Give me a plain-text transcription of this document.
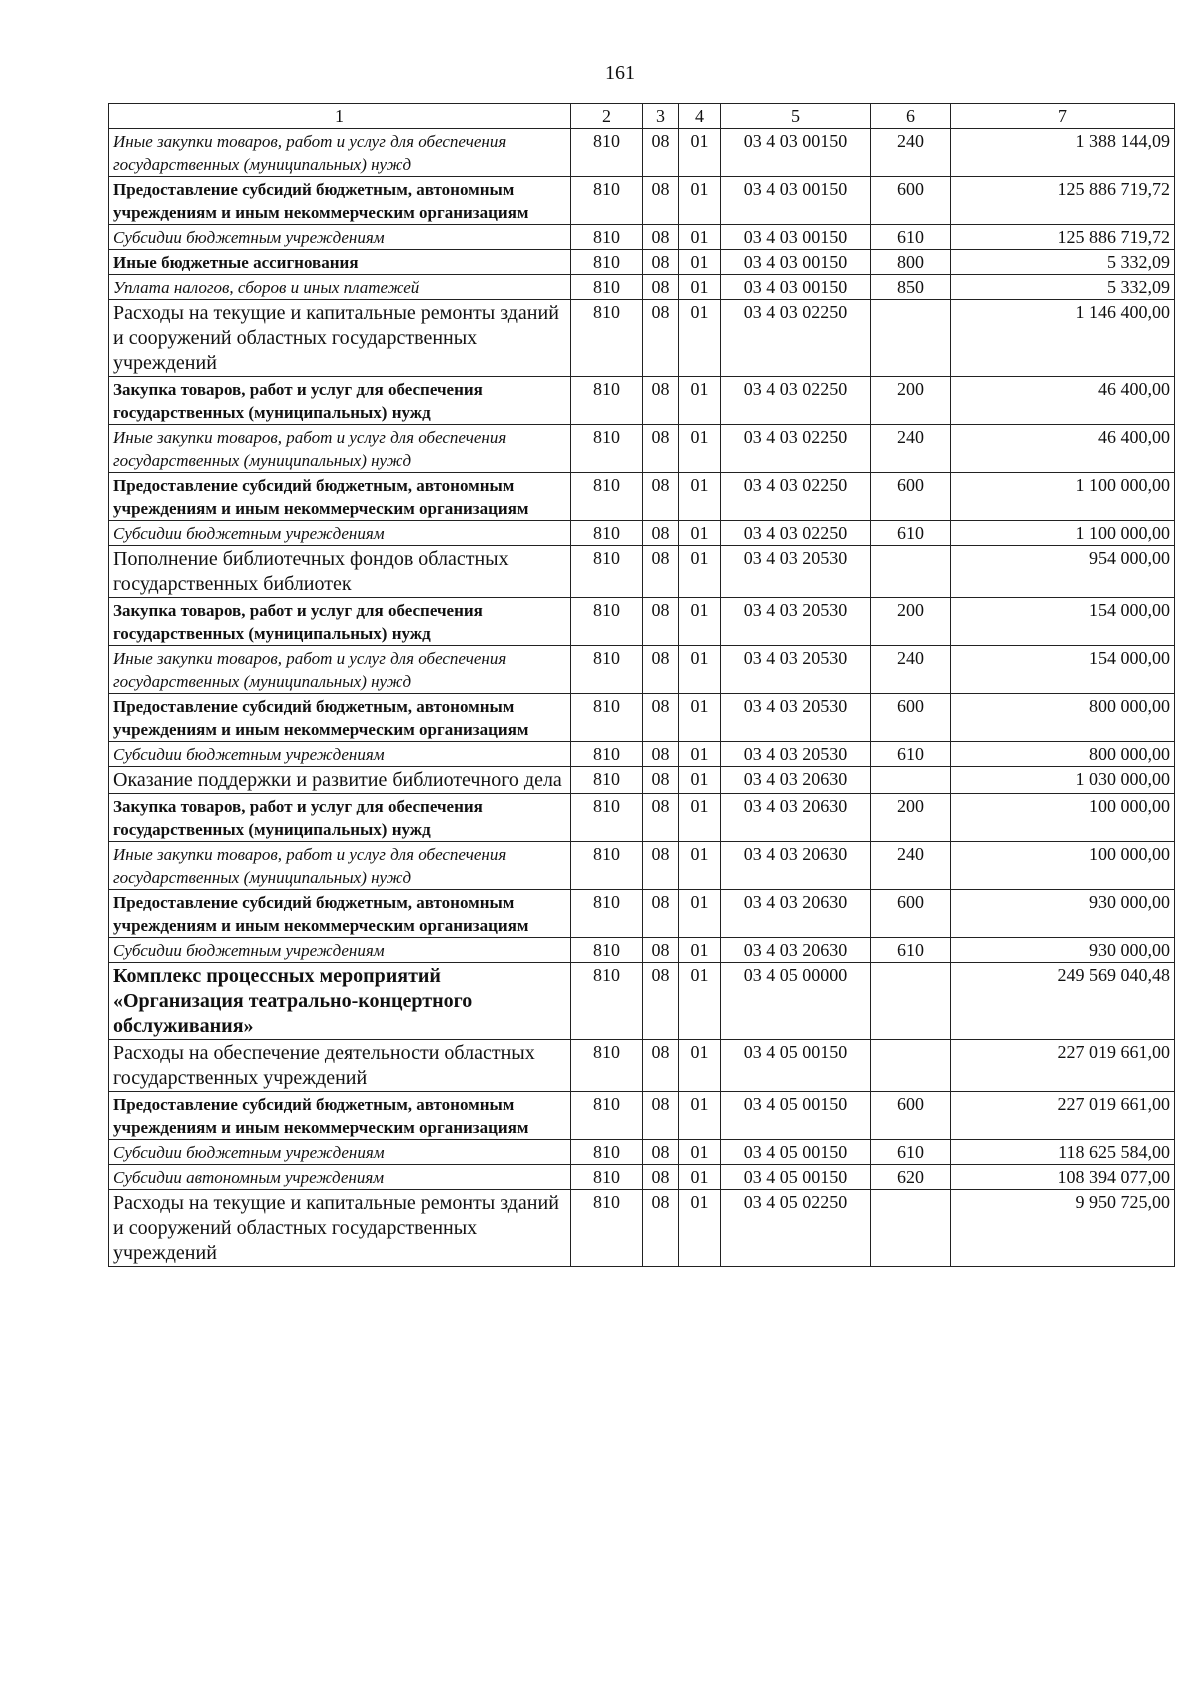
161
1	2	3	4	5	6	7
Иные закупки товаров, работ и услуг для обеспечения государственных (муниципальных) нужд	810	08	01	03 4 03 00150	240	1 388 144,09
Предоставление субсидий бюджетным, автономным учреждениям и иным некоммерческим организациям	810	08	01	03 4 03 00150	600	125 886 719,72
Субсидии бюджетным учреждениям	810	08	01	03 4 03 00150	610	125 886 719,72
Иные бюджетные ассигнования	810	08	01	03 4 03 00150	800	5 332,09
Уплата налогов, сборов и иных платежей	810	08	01	03 4 03 00150	850	5 332,09
Расходы на текущие и капитальные ремонты зданий и сооружений областных государственных учреждений	810	08	01	03 4 03 02250		1 146 400,00
Закупка товаров, работ и услуг для обеспечения государственных (муниципальных) нужд	810	08	01	03 4 03 02250	200	46 400,00
Иные закупки товаров, работ и услуг для обеспечения государственных (муниципальных) нужд	810	08	01	03 4 03 02250	240	46 400,00
Предоставление субсидий бюджетным, автономным учреждениям и иным некоммерческим организациям	810	08	01	03 4 03 02250	600	1 100 000,00
Субсидии бюджетным учреждениям	810	08	01	03 4 03 02250	610	1 100 000,00
Пополнение библиотечных фондов областных государственных библиотек	810	08	01	03 4 03 20530		954 000,00
Закупка товаров, работ и услуг для обеспечения государственных (муниципальных) нужд	810	08	01	03 4 03 20530	200	154 000,00
Иные закупки товаров, работ и услуг для обеспечения государственных (муниципальных) нужд	810	08	01	03 4 03 20530	240	154 000,00
Предоставление субсидий бюджетным, автономным учреждениям и иным некоммерческим организациям	810	08	01	03 4 03 20530	600	800 000,00
Субсидии бюджетным учреждениям	810	08	01	03 4 03 20530	610	800 000,00
Оказание поддержки и развитие библиотечного дела	810	08	01	03 4 03 20630		1 030 000,00
Закупка товаров, работ и услуг для обеспечения государственных (муниципальных) нужд	810	08	01	03 4 03 20630	200	100 000,00
Иные закупки товаров, работ и услуг для обеспечения государственных (муниципальных) нужд	810	08	01	03 4 03 20630	240	100 000,00
Предоставление субсидий бюджетным, автономным учреждениям и иным некоммерческим организациям	810	08	01	03 4 03 20630	600	930 000,00
Субсидии бюджетным учреждениям	810	08	01	03 4 03 20630	610	930 000,00
Комплекс процессных мероприятий «Организация театрально-концертного обслуживания»	810	08	01	03 4 05 00000		249 569 040,48
Расходы на обеспечение деятельности областных государственных учреждений	810	08	01	03 4 05 00150		227 019 661,00
Предоставление субсидий бюджетным, автономным учреждениям и иным некоммерческим организациям	810	08	01	03 4 05 00150	600	227 019 661,00
Субсидии бюджетным учреждениям	810	08	01	03 4 05 00150	610	118 625 584,00
Субсидии автономным учреждениям	810	08	01	03 4 05 00150	620	108 394 077,00
Расходы на текущие и капитальные ремонты зданий и сооружений областных государственных учреждений	810	08	01	03 4 05 02250		9 950 725,00
